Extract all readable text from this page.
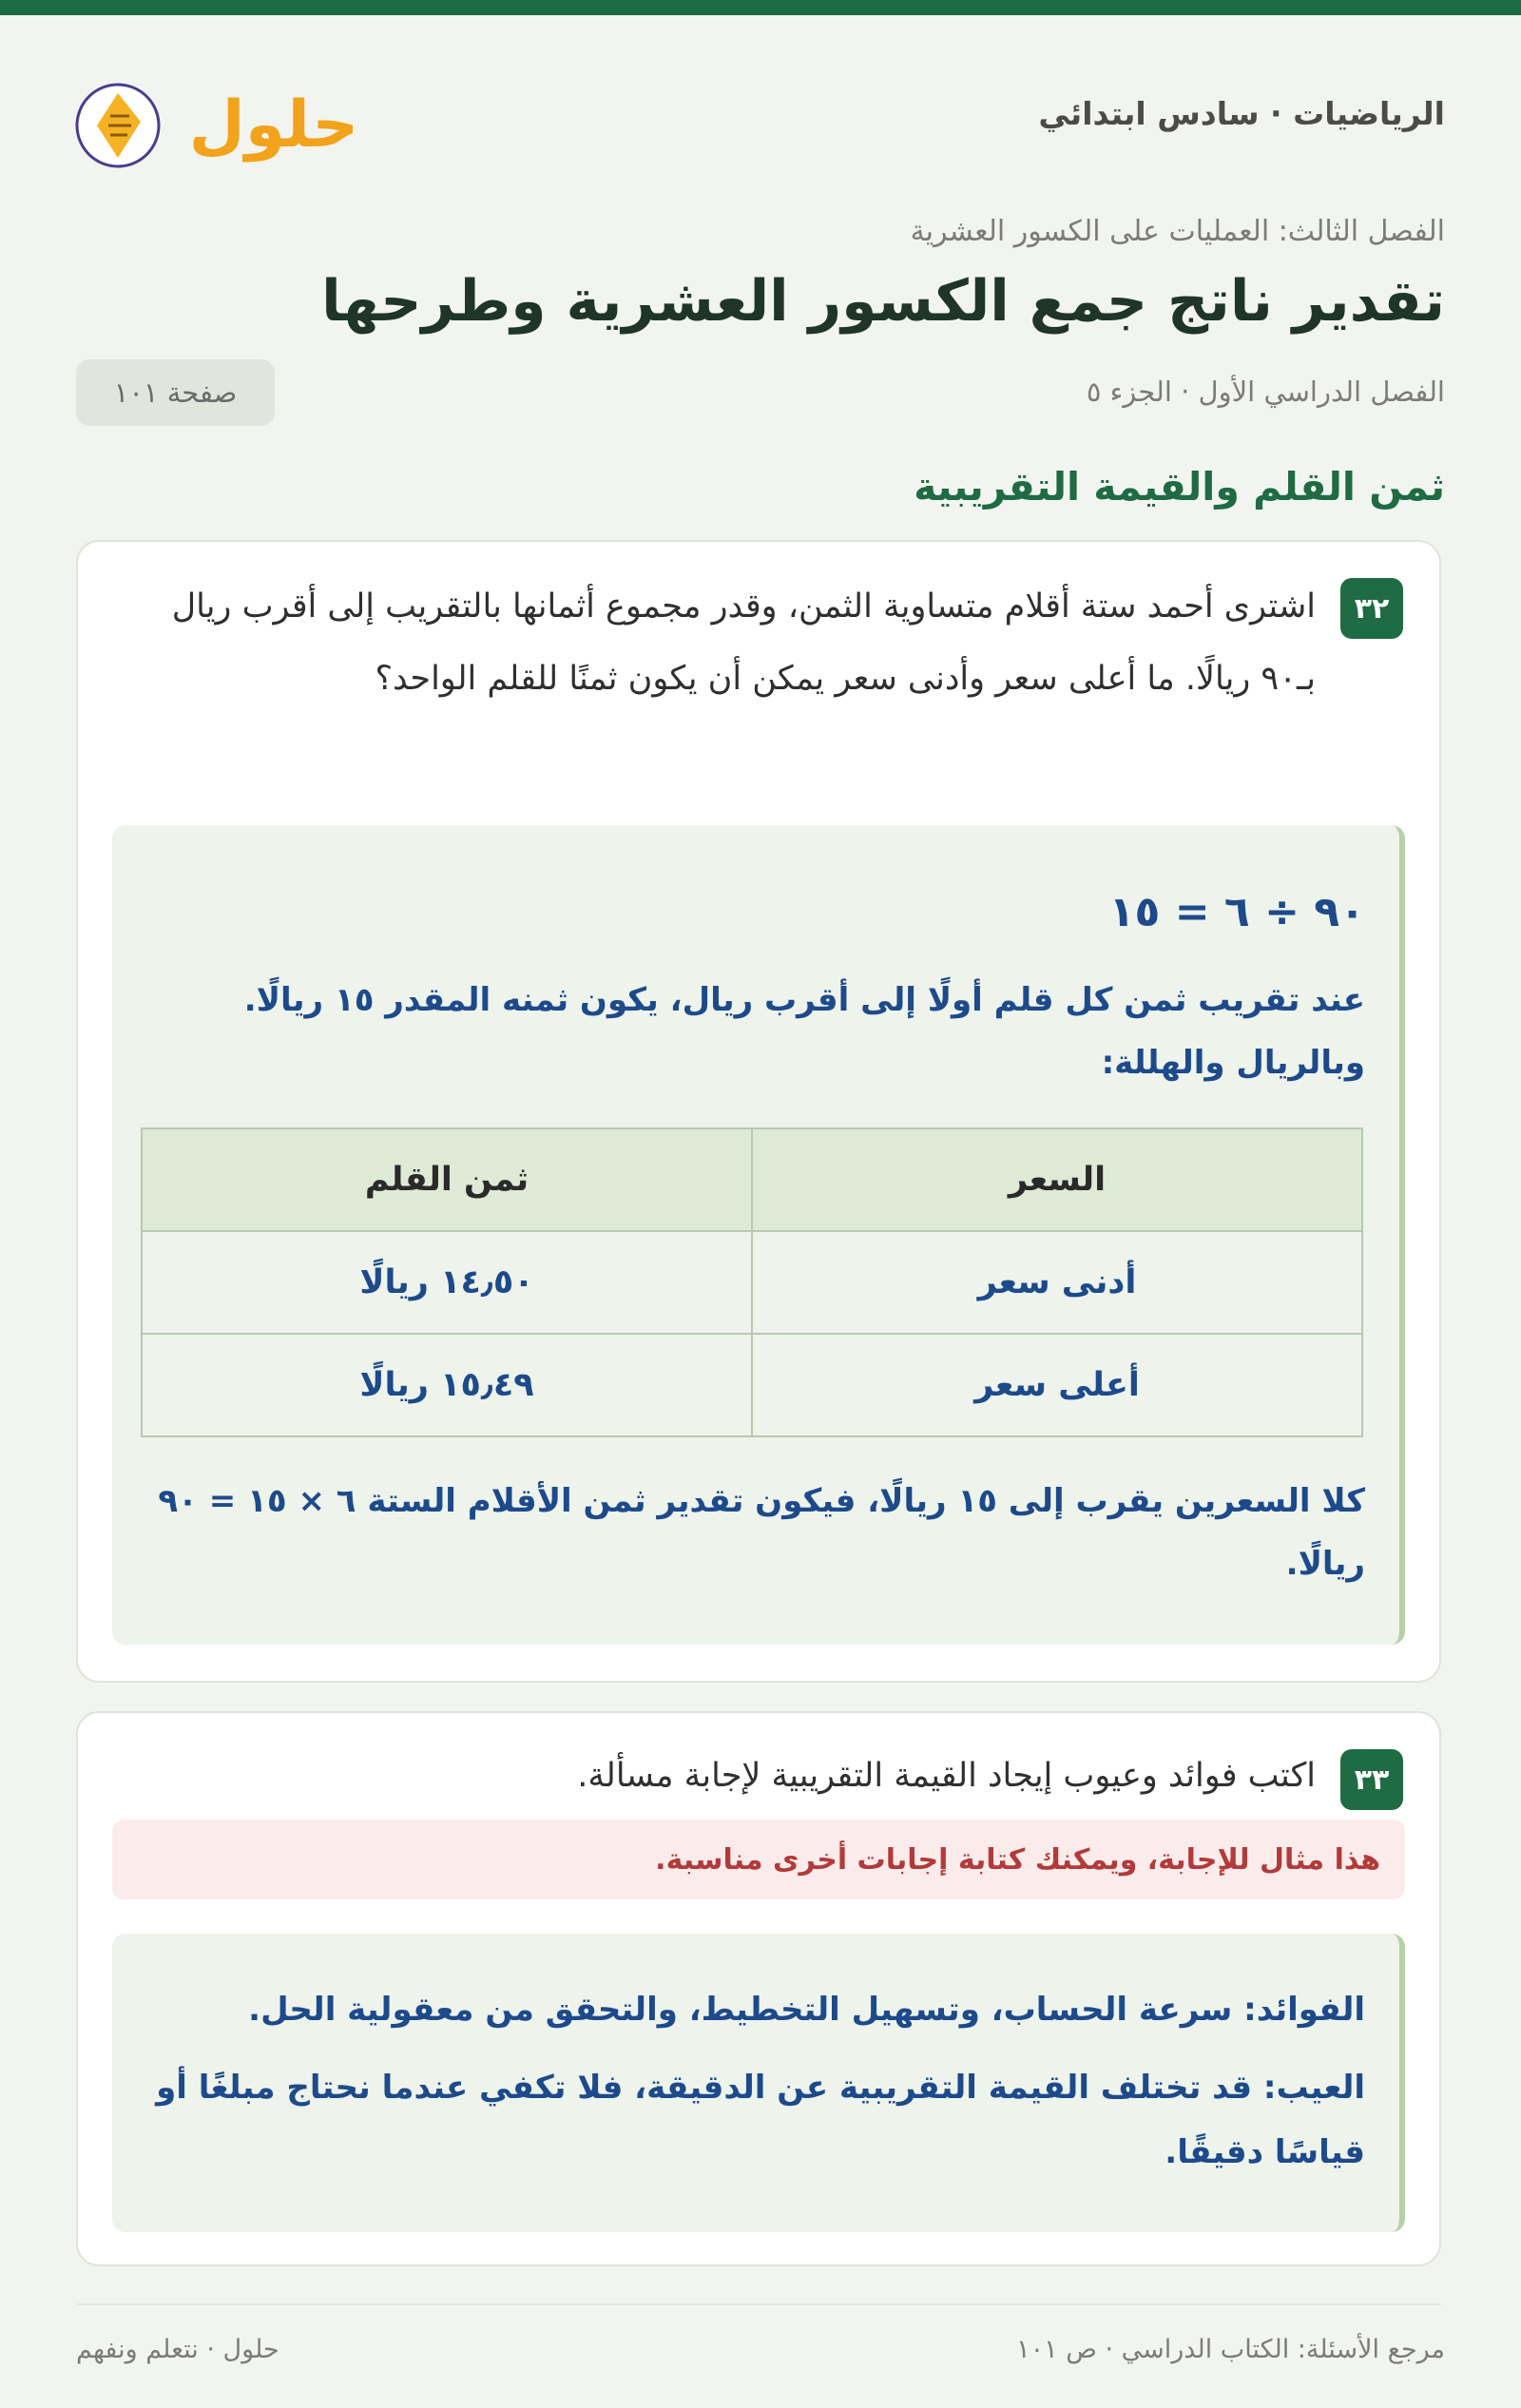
الرياضيات · سادس ابتدائي
حلول
الفصل الثالث: العمليات على الكسور العشرية
تقدير ناتج جمع الكسور العشرية وطرحها
الفصل الدراسي الأول · الجزء ٥
صفحة ١٠١
ثمن القلم والقيمة التقريبية
٣٢
اشترى أحمد ستة أقلام متساوية الثمن، وقدر مجموع أثمانها بالتقريب إلى أقرب ريال بـ٩٠ ريالًا. ما أعلى سعر وأدنى سعر يمكن أن يكون ثمنًا للقلم الواحد؟
٩٠ ÷ ٦ = ١٥
عند تقريب ثمن كل قلم أولًا إلى أقرب ريال، يكون ثمنه المقدر ١٥ ريالًا.
وبالريال والهللة:
السعر	ثمن القلم
أدنى سعر	١٤٫٥٠ ريالًا
أعلى سعر	١٥٫٤٩ ريالًا
كلا السعرين يقرب إلى ١٥ ريالًا، فيكون تقدير ثمن الأقلام الستة ٦ × ١٥ = ٩٠ ريالًا.
٣٣
اكتب فوائد وعيوب إيجاد القيمة التقريبية لإجابة مسألة.
هذا مثال للإجابة، ويمكنك كتابة إجابات أخرى مناسبة.
الفوائد: سرعة الحساب، وتسهيل التخطيط، والتحقق من معقولية الحل.
العيب: قد تختلف القيمة التقريبية عن الدقيقة، فلا تكفي عندما نحتاج مبلغًا أو قياسًا دقيقًا.
مرجع الأسئلة: الكتاب الدراسي · ص ١٠١
حلول · نتعلم ونفهم
